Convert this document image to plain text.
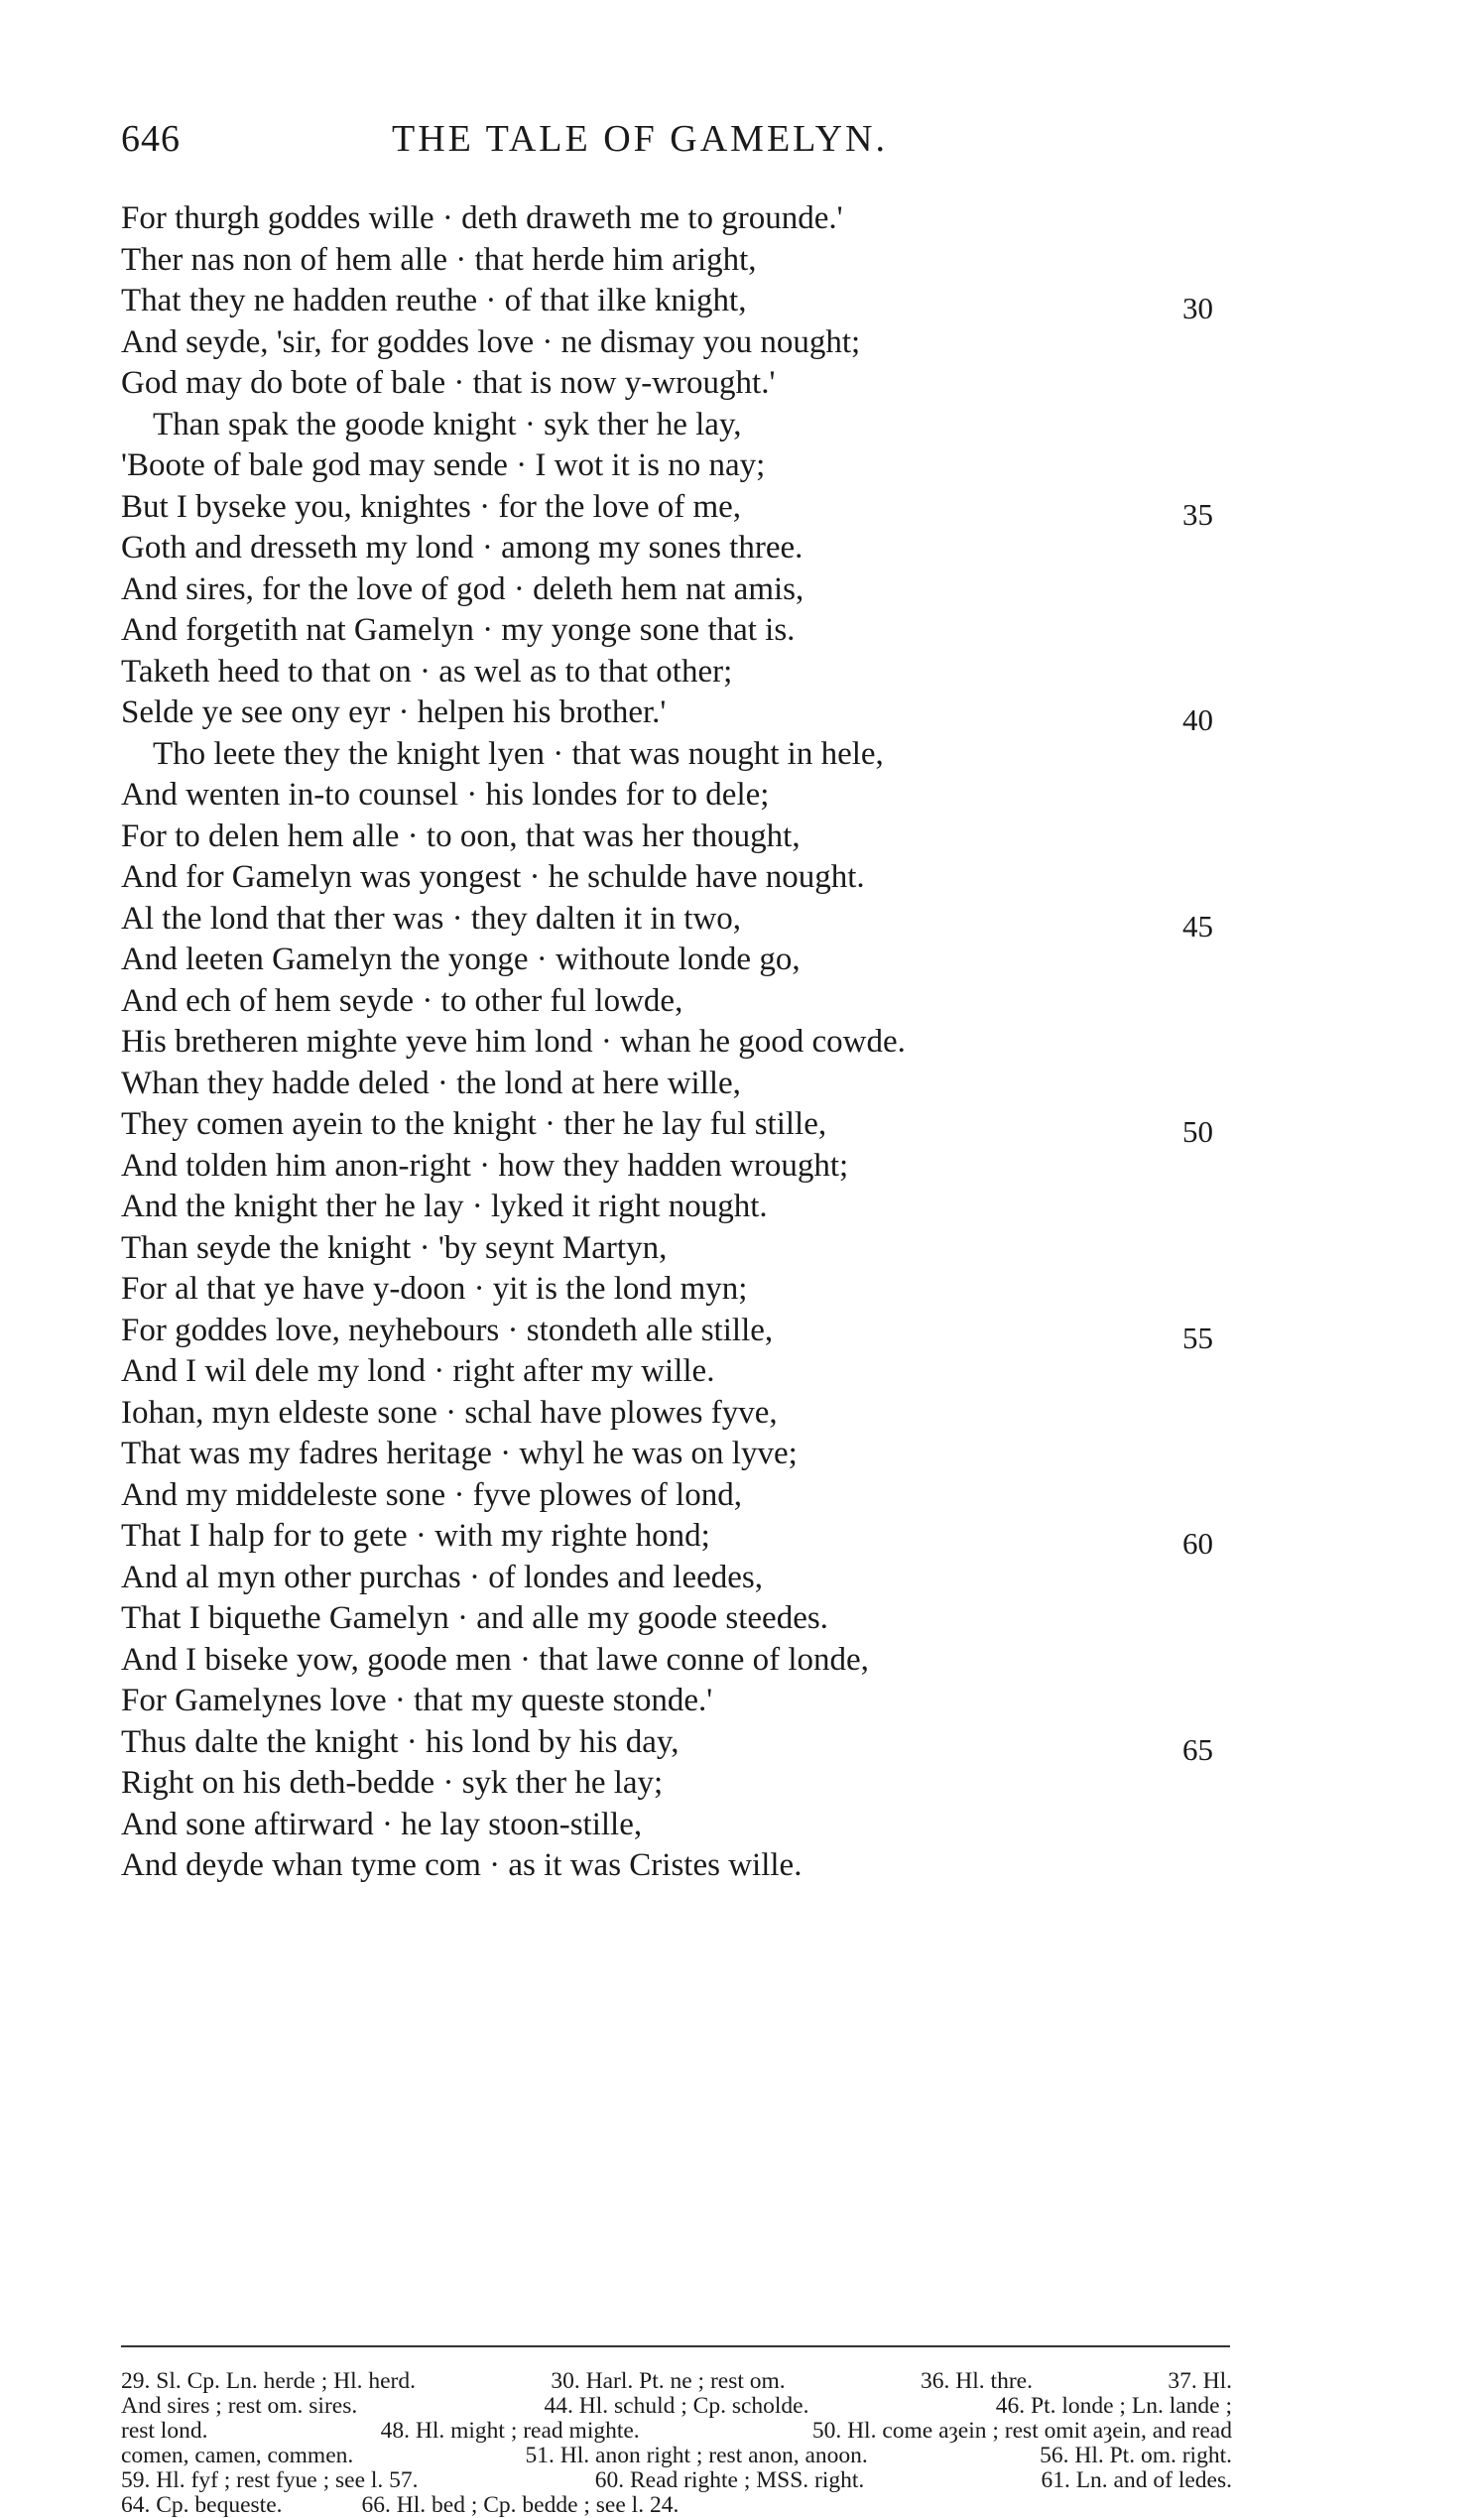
646	THE TALE OF GAMELYN.
For thurgh goddes wille · deth draweth me to grounde.'
Ther nas non of hem alle · that herde him aright,
That they ne hadden reuthe · of that ilke knight,	30
And seyde, 'sir, for goddes love · ne dismay you nought;
God may do bote of bale · that is now y-wrought.'
Than spak the goode knight · syk ther he lay,
'Boote of bale god may sende · I wot it is no nay;
But I byseke you, knightes · for the love of me,	35
Goth and dresseth my lond · among my sones three.
And sires, for the love of god · deleth hem nat amis,
And forgetith nat Gamelyn · my yonge sone that is.
Taketh heed to that on · as wel as to that other;
Selde ye see ony eyr · helpen his brother.'	40
Tho leete they the knight lyen · that was nought in hele,
And wenten in-to counsel · his londes for to dele;
For to delen hem alle · to oon, that was her thought,
And for Gamelyn was yongest · he schulde have nought.
Al the lond that ther was · they dalten it in two,	45
And leeten Gamelyn the yonge · withoute londe go,
And ech of hem seyde · to other ful lowde,
His bretheren mighte yeve him lond · whan he good cowde.
Whan they hadde deled · the lond at here wille,
They comen ayein to the knight · ther he lay ful stille,	50
And tolden him anon-right · how they hadden wrought;
And the knight ther he lay · lyked it right nought.
Than seyde the knight · 'by seynt Martyn,
For al that ye have y-doon · yit is the lond myn;
For goddes love, neyhebours · stondeth alle stille,	55
And I wil dele my lond · right after my wille.
Iohan, myn eldeste sone · schal have plowes fyve,
That was my fadres heritage · whyl he was on lyve;
And my middeleste sone · fyve plowes of lond,
That I halp for to gete · with my righte hond;	60
And al myn other purchas · of londes and leedes,
That I biquethe Gamelyn · and alle my goode steedes.
And I biseke yow, goode men · that lawe conne of londe,
For Gamelynes love · that my queste stonde.'
Thus dalte the knight · his lond by his day,	65
Right on his deth-bedde · syk ther he lay;
And sone aftirward · he lay stoon-stille,
And deyde whan tyme com · as it was Cristes wille.
29. Sl. Cp. Ln. herde ; Hl. herd.	30. Harl. Pt. ne ; rest om.	36. Hl. thre.	37. Hl.
And sires ; rest om. sires.	44. Hl. schuld ; Cp. scholde.	46. Pt. londe ; Ln. lande ;
rest lond.	48. Hl. might ; read mighte.	50. Hl. come aȝein ; rest omit aȝein, and read
comen, camen, commen.	51. Hl. anon right ; rest anon, anoon.	56. Hl. Pt. om. right.
59. Hl. fyf ; rest fyue ; see l. 57.	60. Read righte ; MSS. right.	61. Ln. and of ledes.
64. Cp. bequeste.	66. Hl. bed ; Cp. bedde ; see l. 24.
